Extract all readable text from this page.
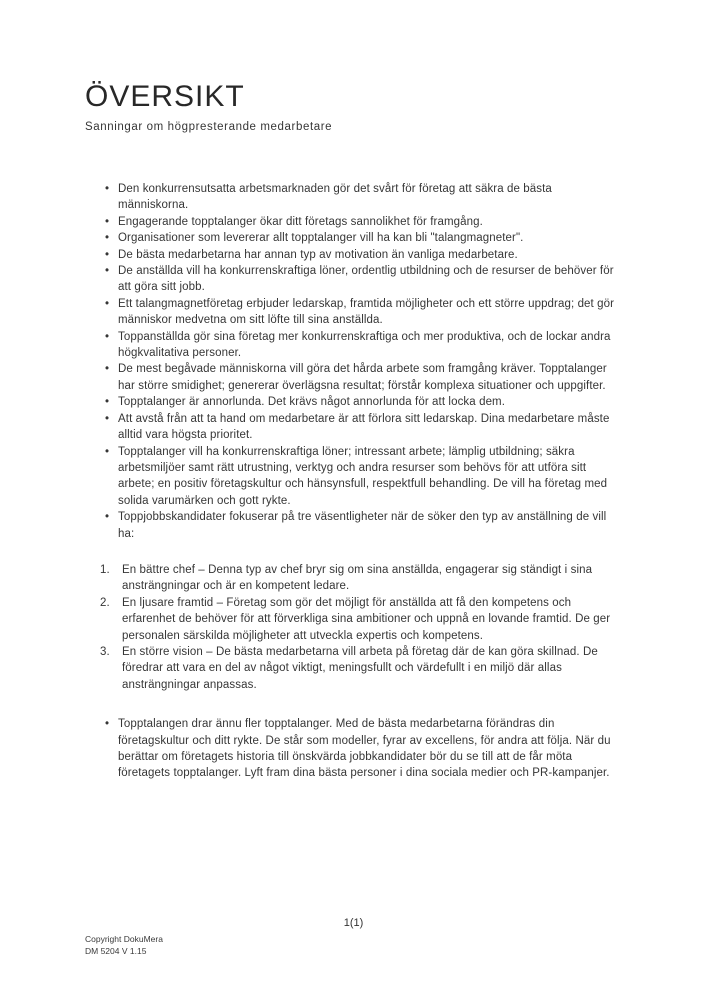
ÖVERSIKT

Sanningar om högpresterande medarbetare

• Den konkurrensutsatta arbetsmarknaden gör det svårt för företag att säkra de bästa människorna.
• Engagerande topptalanger ökar ditt företags sannolikhet för framgång.
• Organisationer som levererar allt topptalanger vill ha kan bli "talangmagneter".
• De bästa medarbetarna har annan typ av motivation än vanliga medarbetare.
• De anställda vill ha konkurrenskraftiga löner, ordentlig utbildning och de resurser de behöver för att göra sitt jobb.
• Ett talangmagnetföretag erbjuder ledarskap, framtida möjligheter och ett större uppdrag; det gör människor medvetna om sitt löfte till sina anställda.
• Toppanställda gör sina företag mer konkurrenskraftiga och mer produktiva, och de lockar andra högkvalitativa personer.
• De mest begåvade människorna vill göra det hårda arbete som framgång kräver. Topptalanger har större smidighet; genererar överlägsna resultat; förstår komplexa situationer och uppgifter.
• Topptalanger är annorlunda. Det krävs något annorlunda för att locka dem.
• Att avstå från att ta hand om medarbetare är att förlora sitt ledarskap. Dina medarbetare måste alltid vara högsta prioritet.
• Topptalanger vill ha konkurrenskraftiga löner; intressant arbete; lämplig utbildning; säkra arbetsmiljöer samt rätt utrustning, verktyg och andra resurser som behövs för att utföra sitt arbete; en positiv företagskultur och hänsynsfull, respektfull behandling. De vill ha företag med solida varumärken och gott rykte.
• Toppjobbskandidater fokuserar på tre väsentligheter när de söker den typ av anställning de vill ha:
1.	En bättre chef – Denna typ av chef bryr sig om sina anställda, engagerar sig ständigt i sina ansträngningar och är en kompetent ledare.
2.	En ljusare framtid – Företag som gör det möjligt för anställda att få den kompetens och erfarenhet de behöver för att förverkliga sina ambitioner och uppnå en lovande framtid. De ger personalen särskilda möjligheter att utveckla expertis och kompetens.
3.	En större vision – De bästa medarbetarna vill arbeta på företag där de kan göra skillnad. De föredrar att vara en del av något viktigt, meningsfullt och värdefullt i en miljö där allas ansträngningar anpassas.
• Topptalangen drar ännu fler topptalanger. Med de bästa medarbetarna förändras din företagskultur och ditt rykte. De står som modeller, fyrar av excellens, för andra att följa. När du berättar om företagets historia till önskvärda jobbkandidater bör du se till att de får möta företagets topptalanger. Lyft fram dina bästa personer i dina sociala medier och PR-kampanjer.
1(1)
Copyright DokuMera
DM 5204 V 1.15
